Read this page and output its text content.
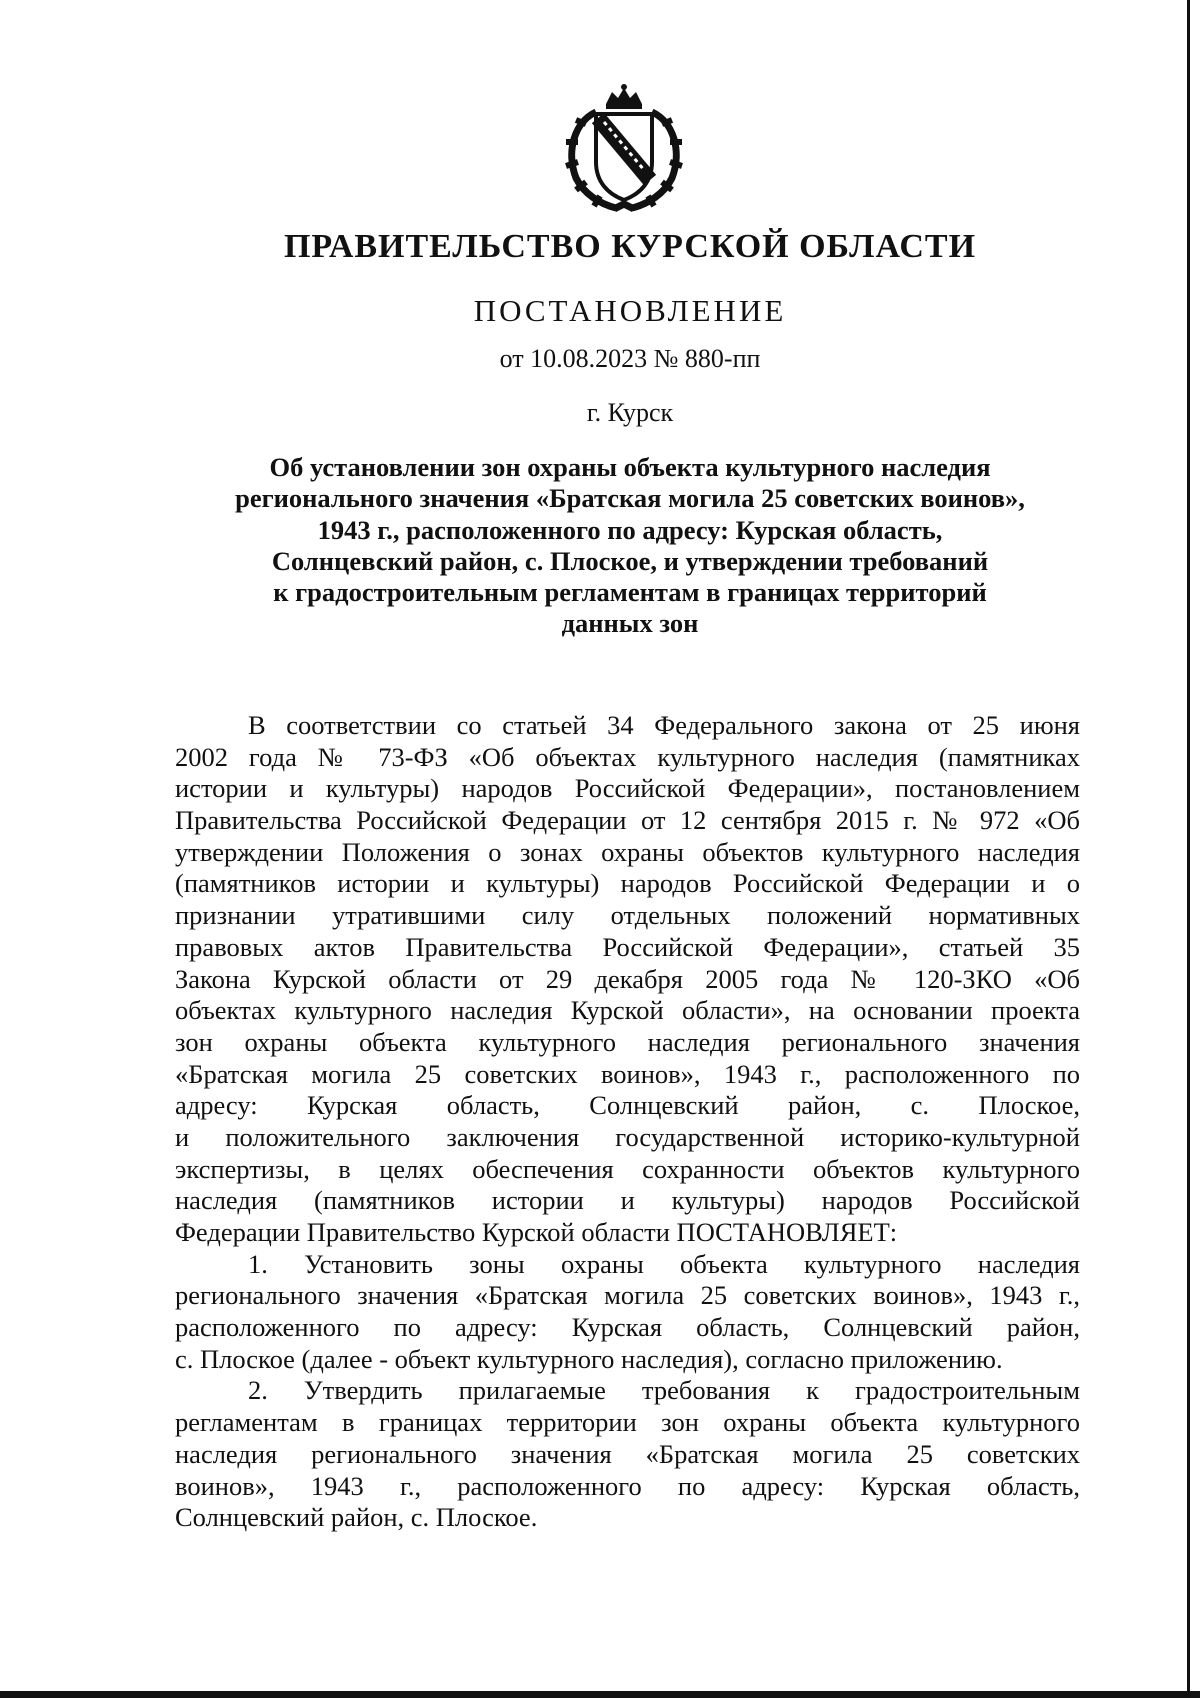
ПРАВИТЕЛЬСТВО КУРСКОЙ ОБЛАСТИ
ПОСТАНОВЛЕНИЕ
от 10.08.2023 № 880-пп
г. Курск
Об установлении зон охраны объекта культурного наследия
регионального значения «Братская могила 25 советских воинов»,
1943 г., расположенного по адресу: Курская область,
Солнцевский район, с. Плоское, и утверждении требований
к градостроительным регламентам в границах территорий
данных зон
В соответствии со статьей 34 Федерального закона от 25 июня
2002 года № 73-ФЗ «Об объектах культурного наследия (памятниках
истории и культуры) народов Российской Федерации», постановлением
Правительства Российской Федерации от 12 сентября 2015 г. № 972 «Об
утверждении Положения о зонах охраны объектов культурного наследия
(памятников истории и культуры) народов Российской Федерации и о
признании утратившими силу отдельных положений нормативных
правовых актов Правительства Российской Федерации», статьей 35
Закона Курской области от 29 декабря 2005 года № 120-ЗКО «Об
объектах культурного наследия Курской области», на основании проекта
зон охраны объекта культурного наследия регионального значения
«Братская могила 25 советских воинов», 1943 г., расположенного по
адресу: Курская область, Солнцевский район, с. Плоское,
и положительного заключения государственной историко-культурной
экспертизы, в целях обеспечения сохранности объектов культурного
наследия (памятников истории и культуры) народов Российской
Федерации Правительство Курской области ПОСТАНОВЛЯЕТ:
1. Установить зоны охраны объекта культурного наследия
регионального значения «Братская могила 25 советских воинов», 1943 г.,
расположенного по адресу: Курская область, Солнцевский район,
с. Плоское (далее - объект культурного наследия), согласно приложению.
2. Утвердить прилагаемые требования к градостроительным
регламентам в границах территории зон охраны объекта культурного
наследия регионального значения «Братская могила 25 советских
воинов», 1943 г., расположенного по адресу: Курская область,
Солнцевский район, с. Плоское.
